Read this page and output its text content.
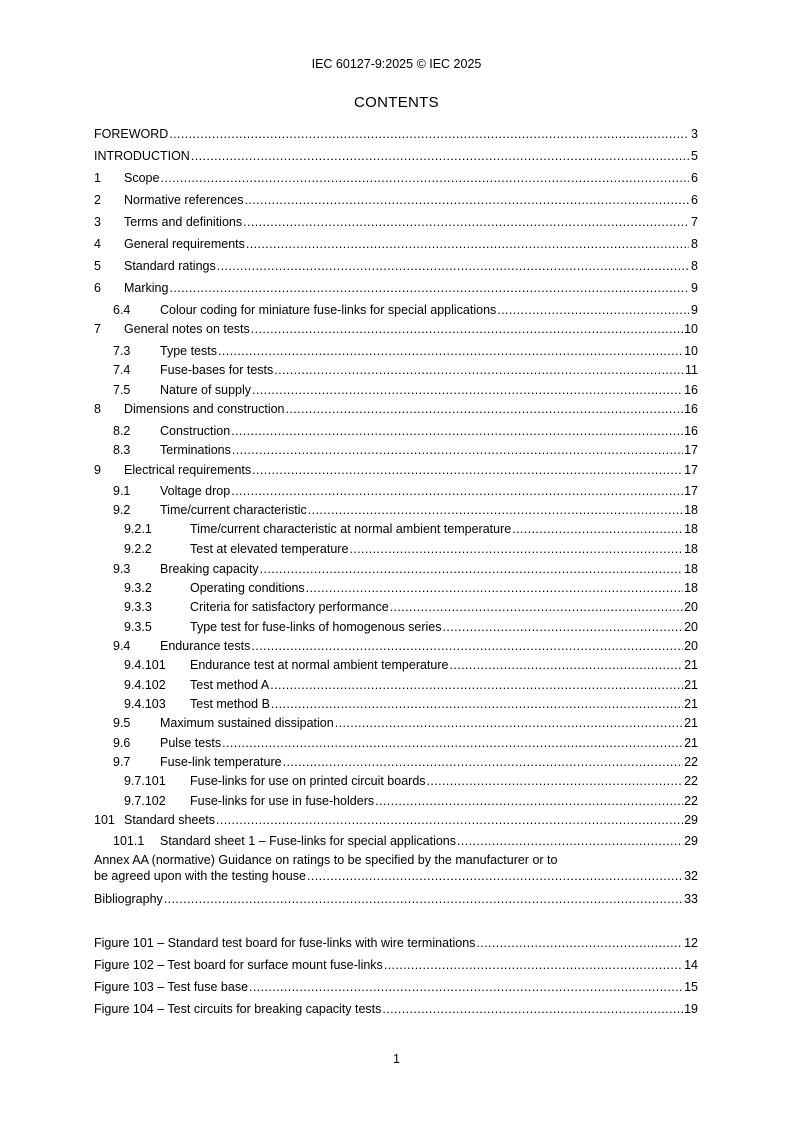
IEC 60127-9:2025 © IEC 2025
CONTENTS
FOREWORD .....	3
INTRODUCTION .....	5
1	Scope .....	6
2	Normative references .....	6
3	Terms and definitions .....	7
4	General requirements .....	8
5	Standard ratings .....	8
6	Marking .....	9
6.4	Colour coding for miniature fuse-links for special applications .....	9
7	General notes on tests .....	10
7.3	Type tests .....	10
7.4	Fuse-bases for tests .....	11
7.5	Nature of supply .....	16
8	Dimensions and construction .....	16
8.2	Construction .....	16
8.3	Terminations .....	17
9	Electrical requirements .....	17
9.1	Voltage drop .....	17
9.2	Time/current characteristic .....	18
9.2.1	Time/current characteristic at normal ambient temperature .....	18
9.2.2	Test at elevated temperature .....	18
9.3	Breaking capacity .....	18
9.3.2	Operating conditions .....	18
9.3.3	Criteria for satisfactory performance .....	20
9.3.5	Type test for fuse-links of homogenous series .....	20
9.4	Endurance tests .....	20
9.4.101	Endurance test at normal ambient temperature .....	21
9.4.102	Test method A .....	21
9.4.103	Test method B .....	21
9.5	Maximum sustained dissipation .....	21
9.6	Pulse tests .....	21
9.7	Fuse-link temperature .....	22
9.7.101	Fuse-links for use on printed circuit boards .....	22
9.7.102	Fuse-links for use in fuse-holders .....	22
101 Standard sheets .....	29
101.1	Standard sheet 1 – Fuse-links for special applications .....	29
Annex AA (normative) Guidance on ratings to be specified by the manufacturer or to
be agreed upon with the testing house .....	32
Bibliography .....	33
Figure 101 – Standard test board for fuse-links with wire terminations .....	12
Figure 102 – Test board for surface mount fuse-links .....	14
Figure 103 – Test fuse base .....	15
Figure 104 – Test circuits for breaking capacity tests .....	19
1
